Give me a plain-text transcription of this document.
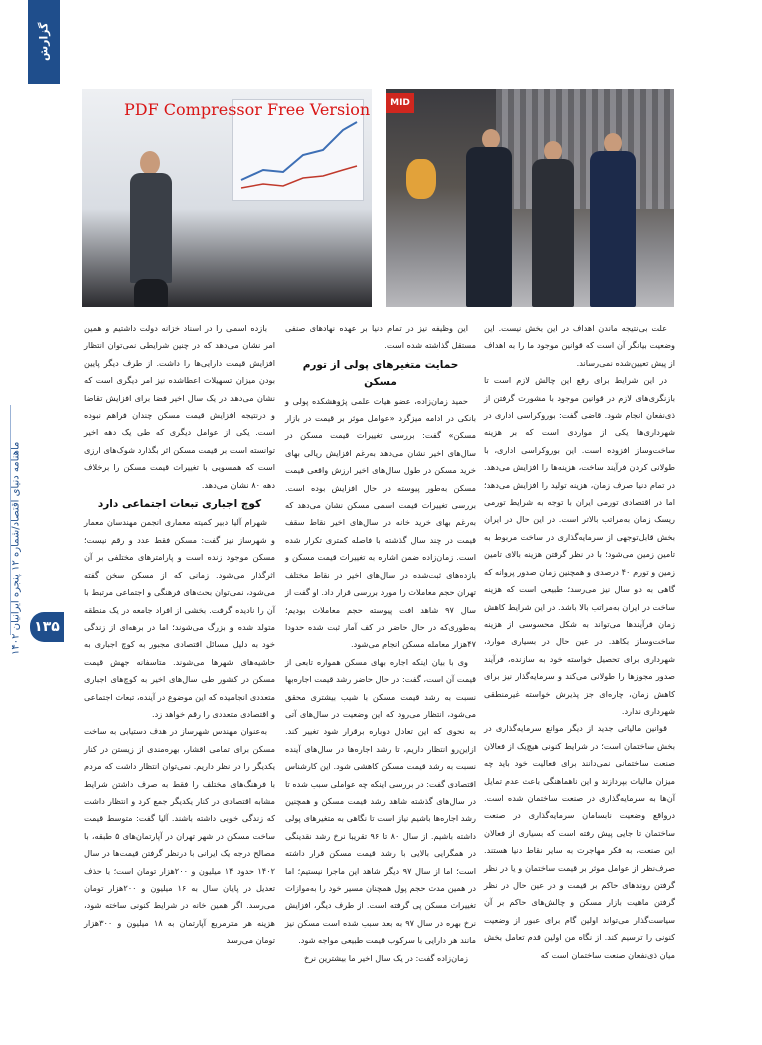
گزارش
ماهنامه دنیای اقتصاد/شماره ۱۲ پنجره ایرانیان ۱۴۰۲
۱۳۵
MID
PDF Compressor Free Version

علت بی‌نتیجه ماندن اهداف در این بخش نیست. این وضعیت بیانگر آن است که قوانین موجود ما را به اهداف از پیش تعیین‌شده نمی‌رساند.

در این شرایط برای رفع این چالش لازم است تا بازنگری‌های لازم در قوانین موجود با مشورت گرفتن از ذی‌نفعان انجام شود. قاضی گفت: بوروکراسی اداری در شهرداری‌ها یکی از مواردی است که بر هزینه ساخت‌وساز افزوده است. این بوروکراسی اداری، با طولانی کردن فرآیند ساخت، هزینه‌ها را افزایش می‌دهد. در تمام دنیا صرف زمان، هزینه تولید را افزایش می‌دهد؛ اما در اقتصادی تورمی ایران با توجه به شرایط تورمی ریسک زمان به‌مراتب بالاتر است. در این حال در ایران بخش قابل‌توجهی از سرمایه‌گذاری در ساخت مربوط به تامین زمین می‌شود؛ با در نظر گرفتن هزینه بالای تامین زمین و تورم ۴۰ درصدی و همچنین زمان صدور پروانه که گاهی به دو سال نیز می‌رسد؛ طبیعی است که هزینه ساخت در ایران به‌مراتب بالا باشد. در این شرایط کاهش زمان فرآیندها می‌تواند به شکل محسوسی از هزینه ساخت‌وساز بکاهد. در عین حال در بسیاری موارد، شهرداری برای تحصیل خواسته خود به سازنده، فرآیند صدور مجوزها را طولانی می‌کند و سرمایه‌گذار نیز برای کاهش زمان، چاره‌ای جز پذیرش خواسته غیرمنطقی شهرداری ندارد.

قوانین مالیاتی جدید از دیگر موانع سرمایه‌گذاری در بخش ساختمان است؛ در شرایط کنونی هیچ‌یک از فعالان صنعت ساختمانی نمی‌دانند برای فعالیت خود باید چه میزان مالیات بپردازند و این ناهماهنگی باعث عدم تمایل آن‌ها به سرمایه‌گذاری در صنعت ساختمان شده است. درواقع وضعیت نابسامان سرمایه‌گذاری در صنعت ساختمان تا جایی پیش رفته است که بسیاری از فعالان این صنعت، به فکر مهاجرت به سایر نقاط دنیا هستند. صرف‌نظر از عوامل موثر بر قیمت ساختمان و یا در نظر گرفتن روندهای حاکم بر قیمت و در عین حال در نظر گرفتن ماهیت بازار مسکن و چالش‌های حاکم بر آن سیاست‌گذار می‌تواند اولین گام برای عبور از وضعیت کنونی را ترسیم کند. از نگاه من اولین قدم تعامل بخش میان ذی‌نفعان صنعت ساختمان است که

این وظیفه نیز در تمام دنیا بر عهده نهادهای صنفی مستقل گذاشته شده است.

حمایت متغیرهای پولی از تورم مسکن

حمید زمان‌زاده، عضو هیات علمی پژوهشکده پولی و بانکی در ادامه میزگرد «عوامل موثر بر قیمت در بازار مسکن» گفت: بررسی تغییرات قیمت مسکن در سال‌های اخیر نشان می‌دهد به‌رغم افزایش ریالی بهای خرید مسکن در طول سال‌های اخیر ارزش واقعی قیمت مسکن به‌طور پیوسته در حال افزایش بوده است. بررسی تغییرات قیمت اسمی مسکن نشان می‌دهد که به‌رغم بهای خرید خانه در سال‌های اخیر نقاط سقف قیمت در چند سال گذشته با فاصله کمتری تکرار شده است. زمان‌زاده ضمن اشاره به تغییرات قیمت مسکن و بازده‌های ثبت‌شده در سال‌های اخیر در نقاط مختلف تهران حجم معاملات را مورد بررسی قرار داد. او گفت از سال ۹۷ شاهد افت پیوسته حجم معاملات بودیم؛ به‌طوری‌که در حال حاضر در کف آمار ثبت شده حدودا ۴۷هزار معامله مسکن انجام می‌شود.

وی با بیان اینکه اجاره بهای مسکن همواره تابعی از قیمت آن است، گفت: در حال حاضر رشد قیمت اجاره‌بها نسبت به رشد قیمت مسکن با شیب بیشتری محقق می‌شود، انتظار می‌رود که این وضعیت در سال‌های آتی به نحوی که این تعادل دوباره برقرار شود تغییر کند. ازاین‌رو انتظار داریم، تا رشد اجاره‌ها در سال‌های آینده نسبت به رشد قیمت مسکن کاهشی شود. این کارشناس اقتصادی گفت: در بررسی اینکه چه عواملی سبب شده تا در سال‌های گذشته شاهد رشد قیمت مسکن و همچنین رشد اجاره‌ها باشیم نیاز است تا نگاهی به متغیرهای پولی داشته باشیم. از سال ۸۰ تا ۹۶ تقریبا نرخ رشد نقدینگی در همگرایی بالایی با رشد قیمت مسکن قرار داشته است؛ اما از سال ۹۷ دیگر شاهد این ماجرا نیستیم؛ اما در همین مدت حجم پول همچنان مسیر خود را به‌موازات تغییرات مسکن پی گرفته است. از طرف دیگر، افزایش نرخ بهره در سال ۹۷ به بعد سبب شده است مسکن نیز مانند هر دارایی با سرکوب قیمت طبیعی مواجه شود.

زمان‌زاده گفت: در یک سال اخیر ما بیشترین نرخ

بازده اسمی را در اسناد خزانه دولت داشتیم و همین امر نشان می‌دهد که در چنین شرایطی نمی‌توان انتظار افزایش قیمت دارایی‌ها را داشت. از طرف دیگر پایین بودن میزان تسهیلات اعطاشده نیز امر دیگری است که نشان می‌دهد در یک سال اخیر فضا برای افزایش تقاضا و درنتیجه افزایش قیمت مسکن چندان فراهم نبوده است. یکی از عوامل دیگری که طی یک دهه اخیر توانسته است بر قیمت مسکن اثر بگذارد شوک‌های ارزی است که همسویی با تغییرات قیمت مسکن را برخلاف دهه ۸۰ نشان می‌دهد.

کوچ اجباری تبعات اجتماعی دارد

شهرام آلیا دبیر کمیته معماری انجمن مهندسان معمار و شهرساز نیز گفت: مسکن فقط عدد و رقم نیست؛ مسکن موجود زنده است و پارامترهای مختلفی بر آن اثرگذار می‌شود. زمانی که از مسکن سخن گفته می‌شود، نمی‌توان بحث‌های فرهنگی و اجتماعی مرتبط با آن را نادیده گرفت. بخشی از افراد جامعه در یک منطقه متولد شده و بزرگ می‌شوند؛ اما در برهه‌ای از زندگی خود به دلیل مسائل اقتصادی مجبور به کوچ اجباری به حاشیه‌های شهرها می‌شوند. متاسفانه جهش قیمت مسکن در کشور طی سال‌های اخیر به کوچ‌های اجباری متعددی انجامیده که این موضوع در آینده، تبعات اجتماعی و اقتصادی متعددی را رقم خواهد زد.

به‌عنوان مهندس شهرساز در هدف دستیابی به ساخت مسکن برای تمامی اقشار، بهره‌مندی از زیستن در کنار یکدیگر را در نظر داریم. نمی‌توان انتظار داشت که مردم با فرهنگ‌های مختلف را فقط به صرف داشتن شرایط مشابه اقتصادی در کنار یکدیگر جمع کرد و انتظار داشت که زندگی خوبی داشته باشند. آلیا گفت: متوسط قیمت ساخت مسکن در شهر تهران در آپارتمان‌های ۵ طبقه، با مصالح درجه یک ایرانی با درنظر گرفتن قیمت‌ها در سال ۱۴۰۲ حدود ۱۴ میلیون و ۲۰۰هزار تومان است؛ با حذف تعدیل در پایان سال به ۱۶ میلیون و ۲۰۰هزار تومان می‌رسد. اگر همین خانه در شرایط کنونی ساخته شود، هزینه هر مترمربع آپارتمان به ۱۸ میلیون و ۳۰۰هزار تومان می‌رسد
